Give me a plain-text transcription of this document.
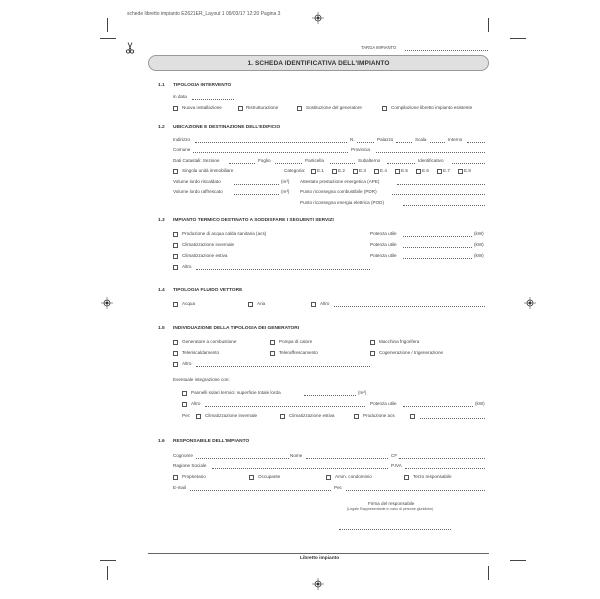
schede libretto impianto E2621ER_Layout 1 09/03/17 12:20 Pagina 3
TARGA IMPIANTO
1. SCHEDA IDENTIFICATIVA DELL'IMPIANTO
1.1 TIPOLOGIA INTERVENTO
in data
Nuova installazione	Ristrutturazione	Sostituzione del generatore	Compilazione libretto impianto esistente
1.2 UBICAZIONE E DESTINAZIONE DELL'EDIFICIO
Indirizzo	N.	Palazzo	Scala	Interno
Comune	Provincia
Dati Catastali: Sezione	Foglio	Particella	Subalterno	Identificativo
Singola unità immobiliare	Categoria:	E.1	E.2	E.3	E.4	E.5	E.6	E.7	E.8
Volume lordo riscaldato	(m³) Attestato prestazione energetica (APE)
Volume lordo raffrescato	(m³) Punto riconsegna combustibile (PDR)
Punto riconsegna energia elettrica (POD)
1.3 IMPIANTO TERMICO DESTINATO A SODDISFARE I SEGUENTI SERVIZI
Produzione di acqua calda sanitaria (acs)	Potenza utile	(kW)
Climatizzazione invernale	Potenza utile	(kW)
Climatizzazione estiva	Potenza utile	(kW)
Altro
1.4 TIPOLOGIA FLUIDO VETTORE
Acqua	Aria	Altro
1.5 INDIVIDUAZIONE DELLA TIPOLOGIA DEI GENERATORI
Generatore a combustione	Pompa di calore	Macchina frigorifera
Teleriscaldamento	Teleraffrescamento	Cogenerazione / trigenerazione
Altro
Eventuale integrazione con:
Pannelli solari termici: superficie totale lorda	(m²)
Altro	Potenza utile	(kW)
Per:	Climatizzazione invernale	Climatizzazione estiva	Produzione acs
1.6 RESPONSABILE DELL'IMPIANTO
Cognome	Nome	CF
Ragione Sociale	P.IVA
Proprietario	Occupante	Amm. condominio	Terzo responsabile
E-mail	Pec
Firma del responsabile
(Legale Rappresentante in caso di persone giuridiche)
Libretto impianto
